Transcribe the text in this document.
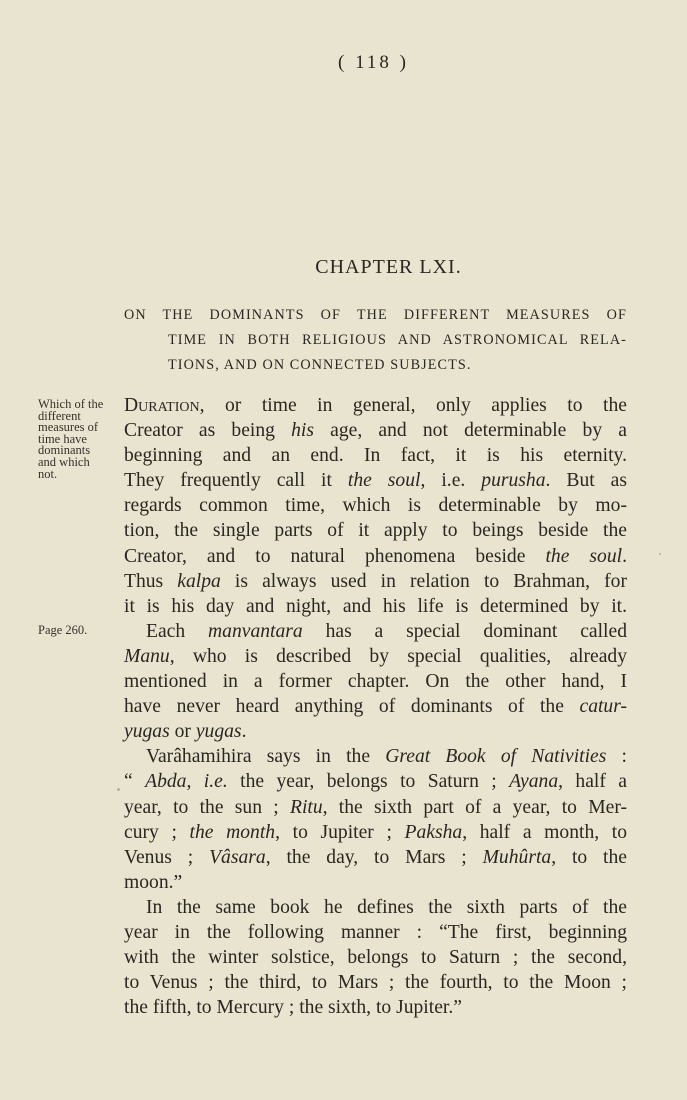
( 118 )
CHAPTER LXI.
ON THE DOMINANTS OF THE DIFFERENT MEASURES OF
TIME IN BOTH RELIGIOUS AND ASTRONOMICAL RELA-
TIONS, AND ON CONNECTED SUBJECTS.
Which of the
different
measures of
time have
dominants
and which
not.
Page 260.
Duration, or time in general, only applies to the
Creator as being his age, and not determinable by a
beginning and an end. In fact, it is his eternity.
They frequently call it the soul, i.e. purusha. But as
regards common time, which is determinable by mo-
tion, the single parts of it apply to beings beside the
Creator, and to natural phenomena beside the soul.
Thus kalpa is always used in relation to Brahman, for
it is his day and night, and his life is determined by it.
Each manvantara has a special dominant called
Manu, who is described by special qualities, already
mentioned in a former chapter. On the other hand, I
have never heard anything of dominants of the catur-
yugas or yugas.
Varâhamihira says in the Great Book of Nativities :
“ Abda, i.e. the year, belongs to Saturn ; Ayana, half a
year, to the sun ; Ritu, the sixth part of a year, to Mer-
cury ; the month, to Jupiter ; Paksha, half a month, to
Venus ; Vâsara, the day, to Mars ; Muhûrta, to the
moon.”
In the same book he defines the sixth parts of the
year in the following manner : “The first, beginning
with the winter solstice, belongs to Saturn ; the second,
to Venus ; the third, to Mars ; the fourth, to the Moon ;
the fifth, to Mercury ; the sixth, to Jupiter.”
